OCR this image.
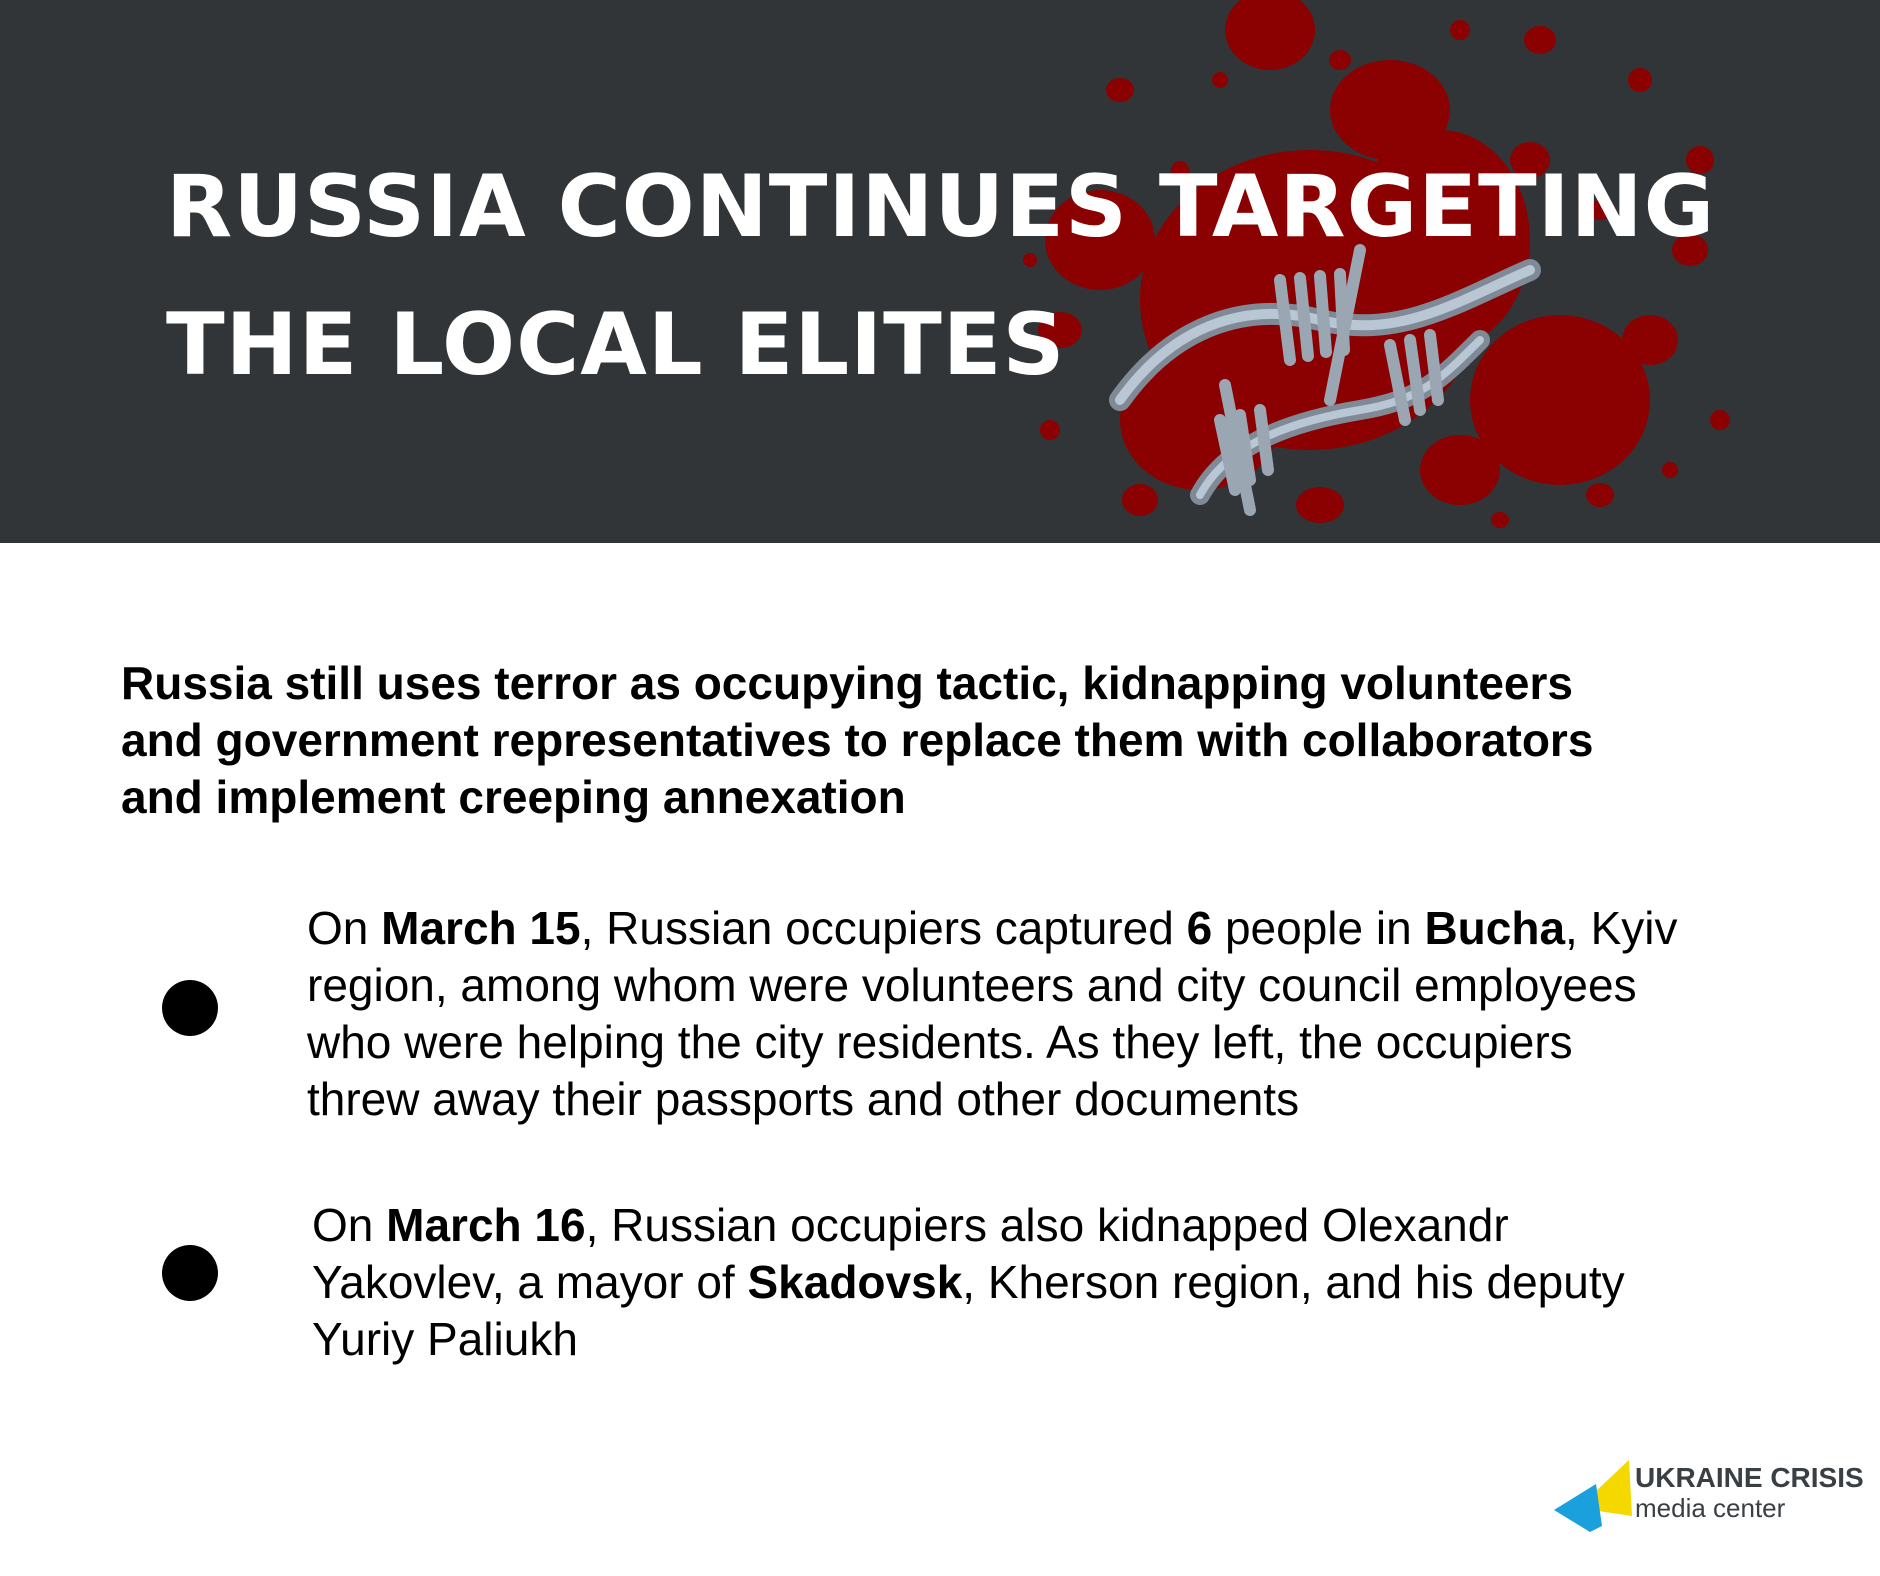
RUSSIA CONTINUES TARGETING
THE LOCAL ELITES

Russia still uses terror as occupying tactic, kidnapping volunteers
and government representatives to replace them with collaborators
and implement creeping annexation

On March 15, Russian occupiers captured 6 people in Bucha, Kyiv
region, among whom were volunteers and city council employees
who were helping the city residents. As they left, the occupiers
threw away their passports and other documents

On March 16, Russian occupiers also kidnapped Olexandr
Yakovlev, a mayor of Skadovsk, Kherson region, and his deputy
Yuriy Paliukh

UKRAINE CRISIS
media center
